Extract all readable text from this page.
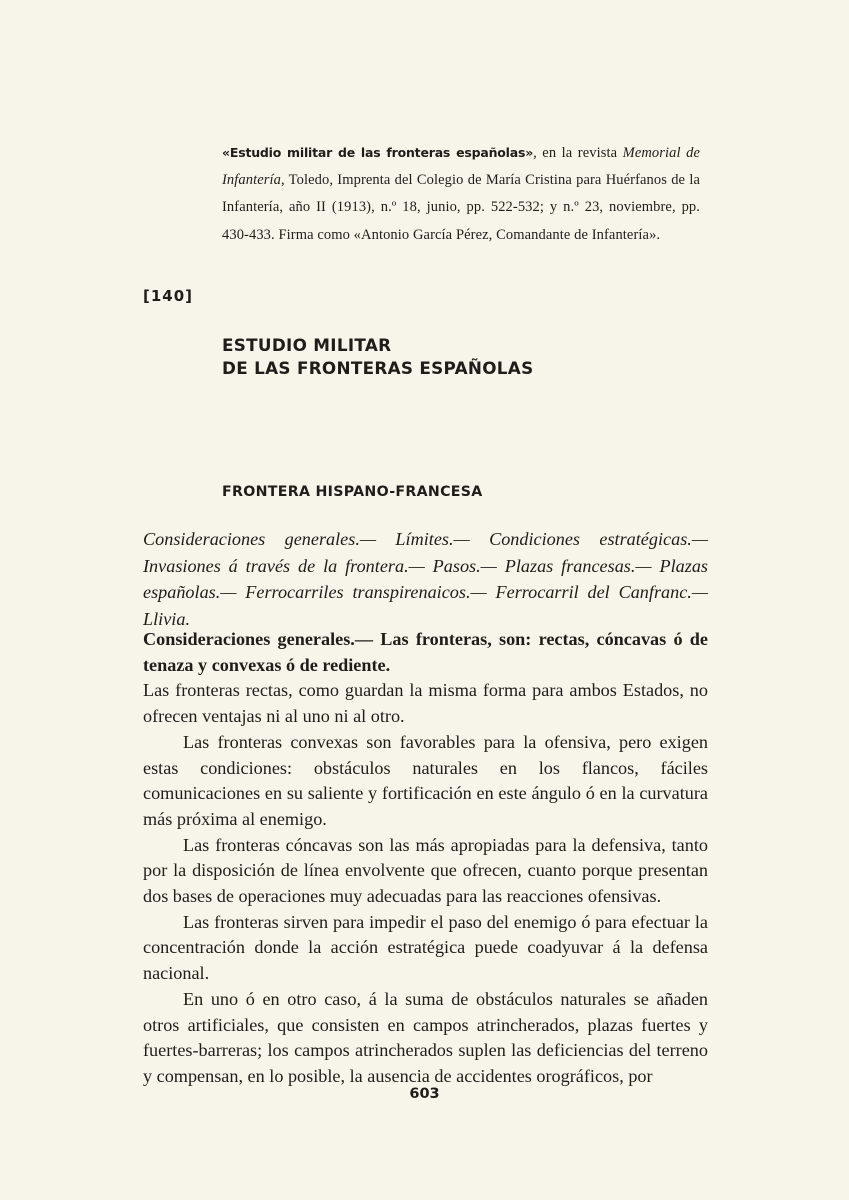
«Estudio militar de las fronteras españolas», en la revista Memorial de Infantería, Toledo, Imprenta del Colegio de María Cristina para Huérfanos de la Infantería, año II (1913), n.º 18, junio, pp. 522-532; y n.º 23, noviembre, pp. 430-433. Firma como «Antonio García Pérez, Comandante de Infantería».
[140]
ESTUDIO MILITAR
DE LAS FRONTERAS ESPAÑOLAS
FRONTERA HISPANO-FRANCESA
Consideraciones generales.— Límites.— Condiciones estratégicas.— Invasiones á través de la frontera.— Pasos.— Plazas francesas.— Plazas españolas.— Ferrocarriles transpirenaicos.— Ferrocarril del Canfranc.— Llivia.

Consideraciones generales.— Las fronteras, son: rectas, cóncavas ó de tenaza y convexas ó de rediente.

Las fronteras rectas, como guardan la misma forma para ambos Estados, no ofrecen ventajas ni al uno ni al otro.

Las fronteras convexas son favorables para la ofensiva, pero exigen estas condiciones: obstáculos naturales en los flancos, fáciles comunicaciones en su saliente y fortificación en este ángulo ó en la curvatura más próxima al enemigo.

Las fronteras cóncavas son las más apropiadas para la defensiva, tanto por la disposición de línea envolvente que ofrecen, cuanto porque presentan dos bases de operaciones muy adecuadas para las reacciones ofensivas.

Las fronteras sirven para impedir el paso del enemigo ó para efectuar la concentración donde la acción estratégica puede coadyuvar á la defensa nacional.

En uno ó en otro caso, á la suma de obstáculos naturales se añaden otros artificiales, que consisten en campos atrincherados, plazas fuertes y fuertes-barreras; los campos atrincherados suplen las deficiencias del terreno y compensan, en lo posible, la ausencia de accidentes orográficos, por

603
